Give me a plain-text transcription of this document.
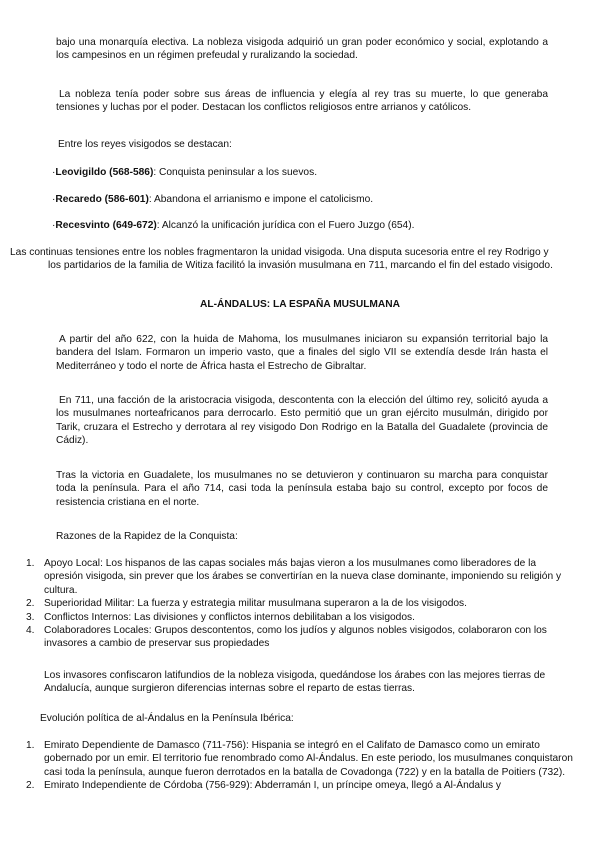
bajo una monarquía electiva. La nobleza visigoda adquirió un gran poder económico y social, explotando a los campesinos en un régimen prefeudal y ruralizando la sociedad.

La nobleza tenía poder sobre sus áreas de influencia y elegía al rey tras su muerte, lo que generaba tensiones y luchas por el poder. Destacan los conflictos religiosos entre arrianos y católicos.

Entre los reyes visigodos se destacan:

·Leovigildo (568-586): Conquista peninsular a los suevos.

·Recaredo (586-601): Abandona el arrianismo e impone el catolicismo.

·Recesvinto (649-672): Alcanzó la unificación jurídica con el Fuero Juzgo (654).

Las continuas tensiones entre los nobles fragmentaron la unidad visigoda. Una disputa sucesoria entre el rey Rodrigo y los partidarios de la familia de Witiza facilitó la invasión musulmana en 711, marcando el fin del estado visigodo.

AL-ÁNDALUS: LA ESPAÑA MUSULMANA

A partir del año 622, con la huida de Mahoma, los musulmanes iniciaron su expansión territorial bajo la bandera del Islam. Formaron un imperio vasto, que a finales del siglo VII se extendía desde Irán hasta el Mediterráneo y todo el norte de África hasta el Estrecho de Gibraltar.

En 711, una facción de la aristocracia visigoda, descontenta con la elección del último rey, solicitó ayuda a los musulmanes norteafricanos para derrocarlo. Esto permitió que un gran ejército musulmán, dirigido por Tarik, cruzara el Estrecho y derrotara al rey visigodo Don Rodrigo en la Batalla del Guadalete (provincia de Cádiz).

Tras la victoria en Guadalete, los musulmanes no se detuvieron y continuaron su marcha para conquistar toda la península. Para el año 714, casi toda la península estaba bajo su control, excepto por focos de resistencia cristiana en el norte.

Razones de la Rapidez de la Conquista:

1. Apoyo Local: Los hispanos de las capas sociales más bajas vieron a los musulmanes como liberadores de la opresión visigoda, sin prever que los árabes se convertirían en la nueva clase dominante, imponiendo su religión y cultura.
2. Superioridad Militar: La fuerza y estrategia militar musulmana superaron a la de los visigodos.
3. Conflictos Internos: Las divisiones y conflictos internos debilitaban a los visigodos.
4. Colaboradores Locales: Grupos descontentos, como los judíos y algunos nobles visigodos, colaboraron con los invasores a cambio de preservar sus propiedades

Los invasores confiscaron latifundios de la nobleza visigoda, quedándose los árabes con las mejores tierras de Andalucía, aunque surgieron diferencias internas sobre el reparto de estas tierras.

Evolución política de al-Ándalus en la Península Ibérica:

1. Emirato Dependiente de Damasco (711-756): Hispania se integró en el Califato de Damasco como un emirato gobernado por un emir. El territorio fue renombrado como Al-Ándalus. En este periodo, los musulmanes conquistaron casi toda la península, aunque fueron derrotados en la batalla de Covadonga (722) y en la batalla de Poitiers (732).
2. Emirato Independiente de Córdoba (756-929): Abderramán I, un príncipe omeya, llegó a Al-Ándalus y
